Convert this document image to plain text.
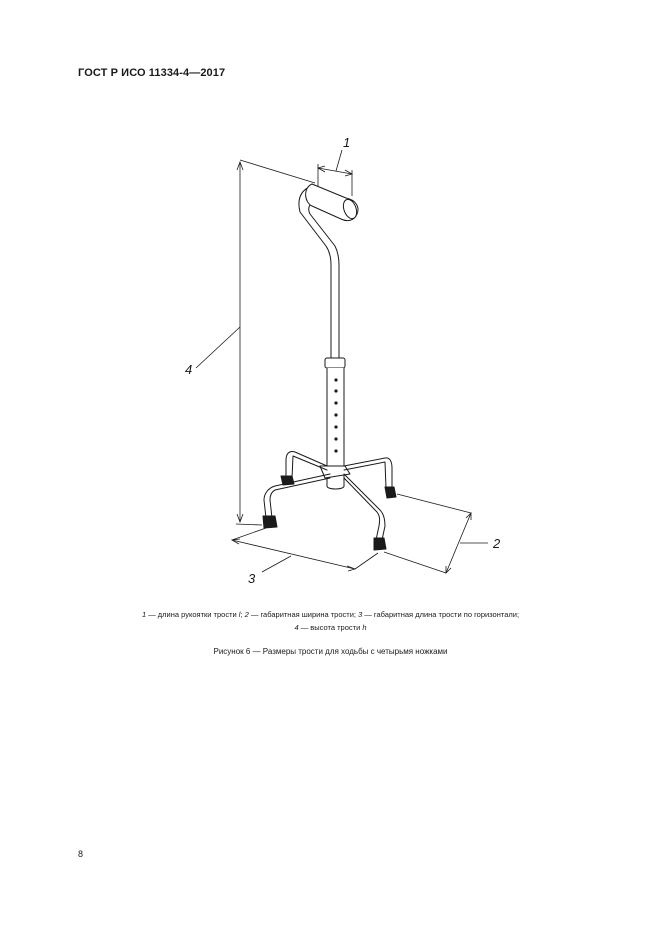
ГОСТ Р ИСО 11334-4—2017

1
2
3
4

1 — длина рукоятки трости l; 2 — габаритная ширина трости; 3 — габаритная длина трости по горизонтали;

4 — высота трости h

Рисунок 6 — Размеры трости для ходьбы с четырьмя ножками

8
